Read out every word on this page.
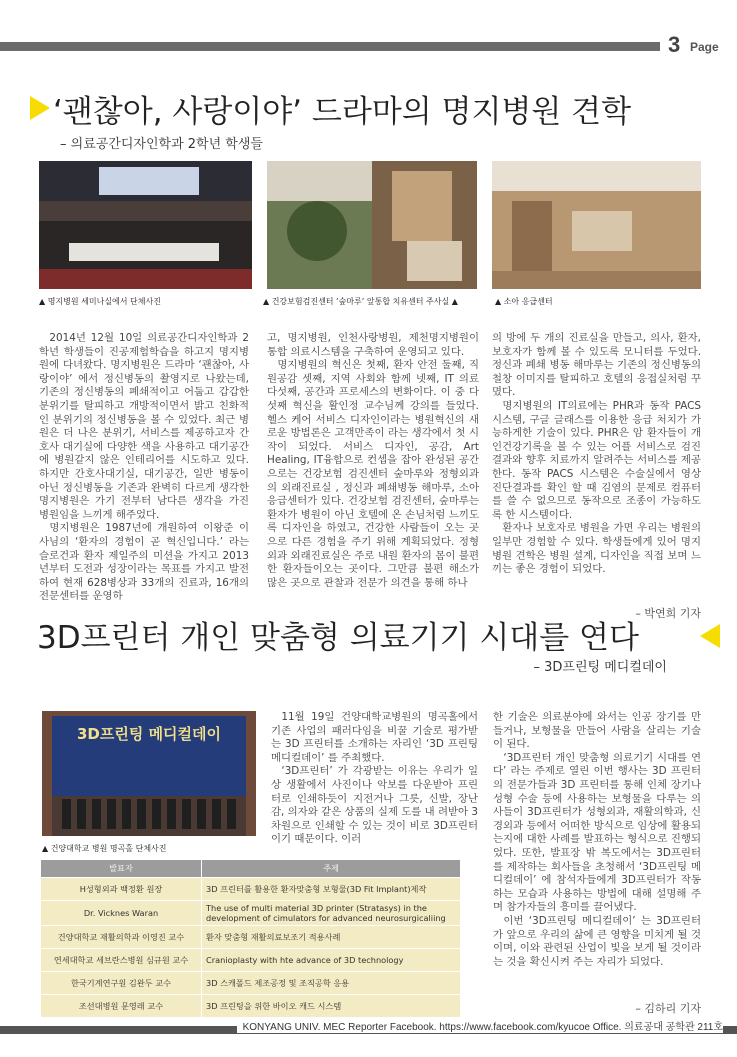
3 Page
‘괜찮아, 사랑이야’ 드라마의 명지병원 견학
– 의료공간디자인학과 2학년 학생들
▲ 명지병원 세미나실에서 단체사진	▲ 건강보험검진센터 ‘숲마루’ 앞통합 치유센터 주사실 ▲	▲ 소아 응급센터

2014년 12월 10일 의료공간디자인학과 2학년 학생들이 진공제험학습을 하고지 명지병원에 다녀왔다. 명지병원은 드라마 ‘괜찮아, 사랑이야’ 에서 정신병동의 촬영지로 나왔는데, 기존의 정신병동의 폐쇄적이고 어둡고 갑갑한 분위기를 탈피하고 개방적이면서 밝고 친화적인 분위기의 정신병동을 볼 수 있었다. 최근 병원은 더 나은 분위기, 서비스를 제공하고자 간호사 대기실에 다양한 색을 사용하고 대기공간에 병원같지 않은 인테리어를 시도하고 있다. 하지만 간호사대기실, 대기공간, 일반 병동이 아닌 정신병동을 기존과 완벽히 다르게 생각한 명지병원은 가기 전부터 남다른 생각을 가진 병원임을 느끼게 해주었다.

명지병원은 1987년에 개원하여 이왕준 이사님의 ‘환자의 경험이 곧 혁신입니다.’ 라는 슬로건과 환자 제일주의 미션을 가지고 2013년부터 도전과 성장이라는 목표를 가지고 발전하여 현재 628병상과 33개의 진료과, 16개의 전문센터를 운영하

고, 명지병원, 인천사랑병원, 제천명지병원이 통합 의료시스템을 구축하여 운영되고 있다.

명지병원의 혁신은 첫째, 환자 안전 둘째, 직원공감 셋째, 지역 사회와 함께 넷째, IT 의료 다섯째, 공간과 프로세스의 변화이다. 이 중 다섯째 혁신을 활인정 교수님께 강의를 들었다. 헬스 케어 서비스 디자인이라는 병원혁신의 새로운 방법론은 고객만족이 라는 생각에서 첫 시작이 되었다. 서비스 디자인, 공감, Art Healing, IT융합으로 컨셉을 잡아 완성된 공간으로는 건강보험 검진센터 숲마루와 정형외과의 외래진료실 , 정신과 폐쇄병동 해마루, 소아 응급센터가 있다. 건강보험 검진센터, 숲마루는 환자가 병원이 아닌 호텔에 온 손님처럼 느끼도록 디자인을 하였고, 건강한 사람들이 오는 곳으로 다른 경험을 주기 위해 계획되었다. 정형외과 외래진료실은 주로 내원 환자의 몸이 불편한 환자들이오는 곳이다. 그만큼 불편 해소가 많은 곳으로 관찰과 전문가 의견을 통해 하나

의 방에 두 개의 진료실을 만들고, 의사, 환자, 보호자가 함께 볼 수 있도록 모니터를 두었다. 정신과 폐쇄 병동 해마루는 기존의 정신병동의 철창 이미지를 탈피하고 호텔의 응접실처럼 꾸몄다.

명지병원의 IT의료에는 PHR과 동작 PACS 시스템, 구글 글래스를 이용한 응급 처치가 가능하게한 기술이 있다. PHR은 암 환자들이 개인건강기록을 볼 수 있는 어플 서비스로 검진결과와 향후 치료까지 알려주는 서비스를 제공한다. 동작 PACS 시스템은 수술실에서 영상 진단결과를 확인 할 때 김염의 문제로 컴퓨터를 쓸 수 없으므로 동작으로 조종이 가능하도록 한 시스템이다.

환자나 보호자로 병원을 가면 우리는 병원의 일부만 경험할 수 있다. 학생들에게 있어 명지병원 견학은 병원 설계, 디자인을 직접 보며 느끼는 좋은 경험이 되었다.

– 박연희 기자
3D프린터 개인 맞춤형 의료기기 시대를 연다
– 3D프린팅 메디컬데이
3D프린팅 메디컬데이
▲ 건양대학교 병원 명곡홀 단체사진

11월 19일 건양대학교병원의 명곡홀에서 기존 사업의 패러다임을 비꿀 기술로 평가받는 3D 프린터를 소개하는 자리인 ‘3D 프린팅 메디컬데이’ 를 주최했다.

‘3D프린터’ 가 각광받는 이유는 우리가 일상 생활에서 사진이나 악보를 다운받아 프린터로 인쇄하듯이 지전거나 그릇, 신발, 장난감, 의자와 같은 상품의 실제 도를 내 려받아 3차원으로 인쇄할 수 있는 것이 비로 3D프린터이기 때문이다. 이러

한 기술은 의료분야에 와서는 인공 장기를 만들거나, 보형물을 만들어 사람을 살리는 기술이 된다.

‘3D프린터 개인 맞춤형 의료기기 시대를 연다’ 라는 주제로 열린 이번 행사는 3D 프린터의 전문가들과 3D 프린터를 통해 인체 장기나 성형 수술 등에 사용하는 보형물을 다루는 의사들이 3D프린터가 성형외과, 재활의학과, 신경외과 등에서 어떠한 방식으로 임상에 활용되는지에 대한 사례를 발표하는 형식으로 진행되었다. 또한, 발표장 밖 복도에서는 3D프린터를 제작하는 회사들을 초청해서 ‘3D프린팅 메디컬데이’ 에 참석자들에게 3D프린터가 작동하는 모습과 사용하는 방법에 대해 설명해 주며 참가자들의 흥미를 끌어냈다.

이번 ‘3D프린팅 메디컬데이’ 는 3D프린터가 앞으로 우리의 삶에 큰 영향을 미치게 될 것이며, 이와 관련된 산업이 빛을 보게 될 것이라는 것을 확신시켜 주는 자리가 되었다.

– 김하리 기자
발표자	주제
H성형외과 백정환 원장	3D 프린터를 활용한 환자맞춤형 보형물(3D Fit Implant)제작
Dr. Vicknes Waran	The use of multi material 3D printer (Stratasys) in the development of cimulators for advanced neurosurgicaliing
건양대학교 재활의학과 이영진 교수	환자 맞춤형 재활의료보조기 적용사례
연세대학교 세브란스병원 심규원 교수	Cranioplasty with hte advance of 3D technology
한국기계연구원 김완두 교수	3D 스캐폴드 제조공정 및 조직공학 응용
조선대병원 문영래 교수	3D 프린팅을 위한 바이오 캐드 시스템
KONYANG UNIV. MEC Reporter Facebook. https://www.facebook.com/kyucoe Office. 의료공대 공학관 211호
